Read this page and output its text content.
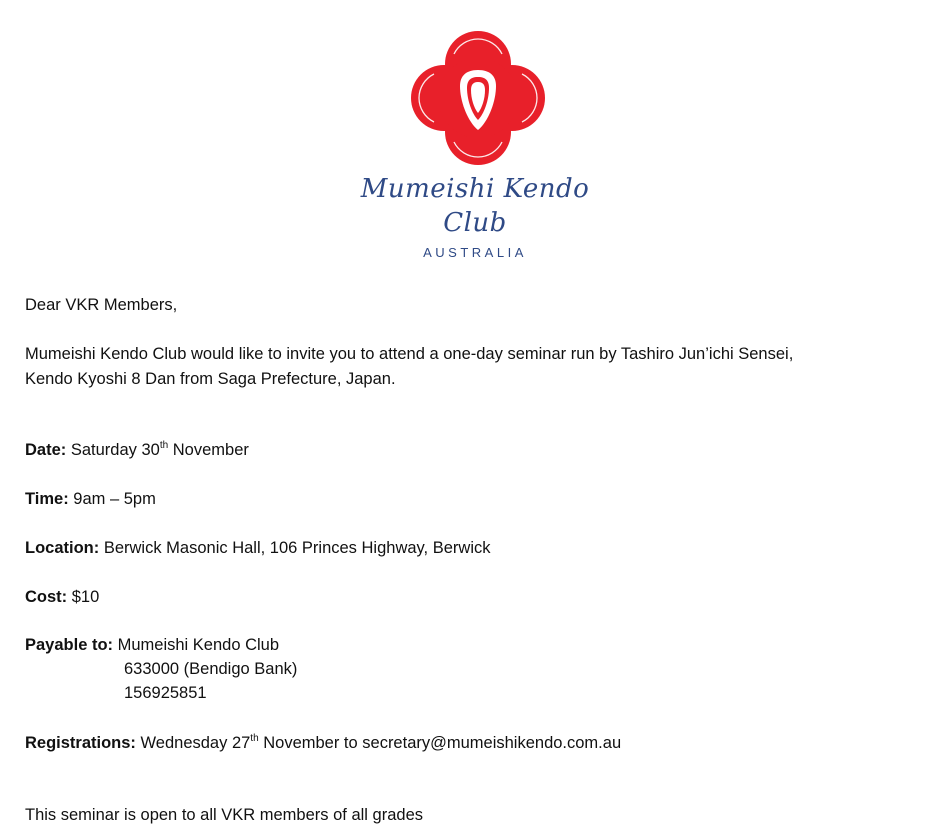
Mumeishi Kendo Club
AUSTRALIA
Dear VKR Members,
Mumeishi Kendo Club would like to invite you to attend a one-day seminar run by Tashiro Jun’ichi Sensei,
Kendo Kyoshi 8 Dan from Saga Prefecture, Japan.
Date: Saturday 30th November
Time: 9am – 5pm
Location: Berwick Masonic Hall, 106 Princes Highway, Berwick
Cost: $10
Payable to: Mumeishi Kendo Club
633000 (Bendigo Bank)
156925851
Registrations: Wednesday 27th November to secretary@mumeishikendo.com.au
This seminar is open to all VKR members of all grades
